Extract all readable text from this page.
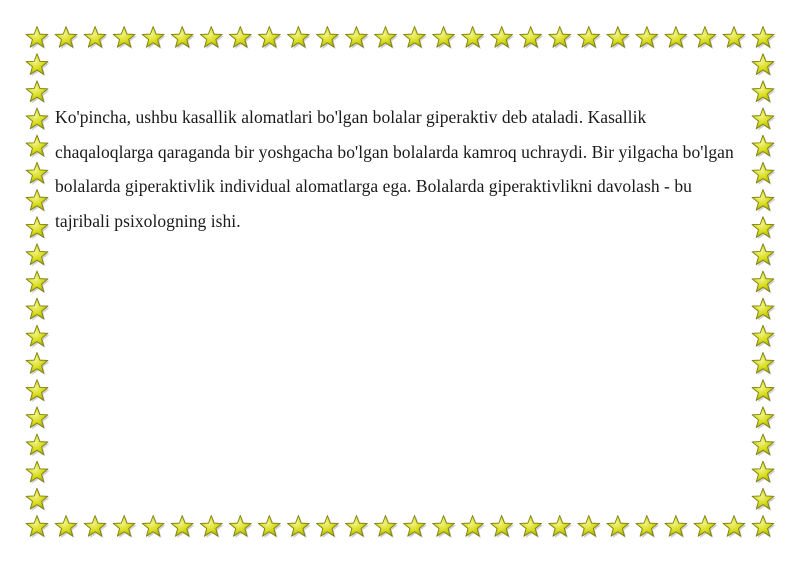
Ko'pincha, ushbu kasallik alomatlari bo'lgan bolalar giperaktiv deb ataladi. Kasallik chaqaloqlarga qaraganda bir yoshgacha bo'lgan bolalarda kamroq uchraydi. Bir yilgacha bo'lgan bolalarda giperaktivlik individual alomatlarga ega. Bolalarda giperaktivlikni davolash - bu tajribali psixologning ishi.
